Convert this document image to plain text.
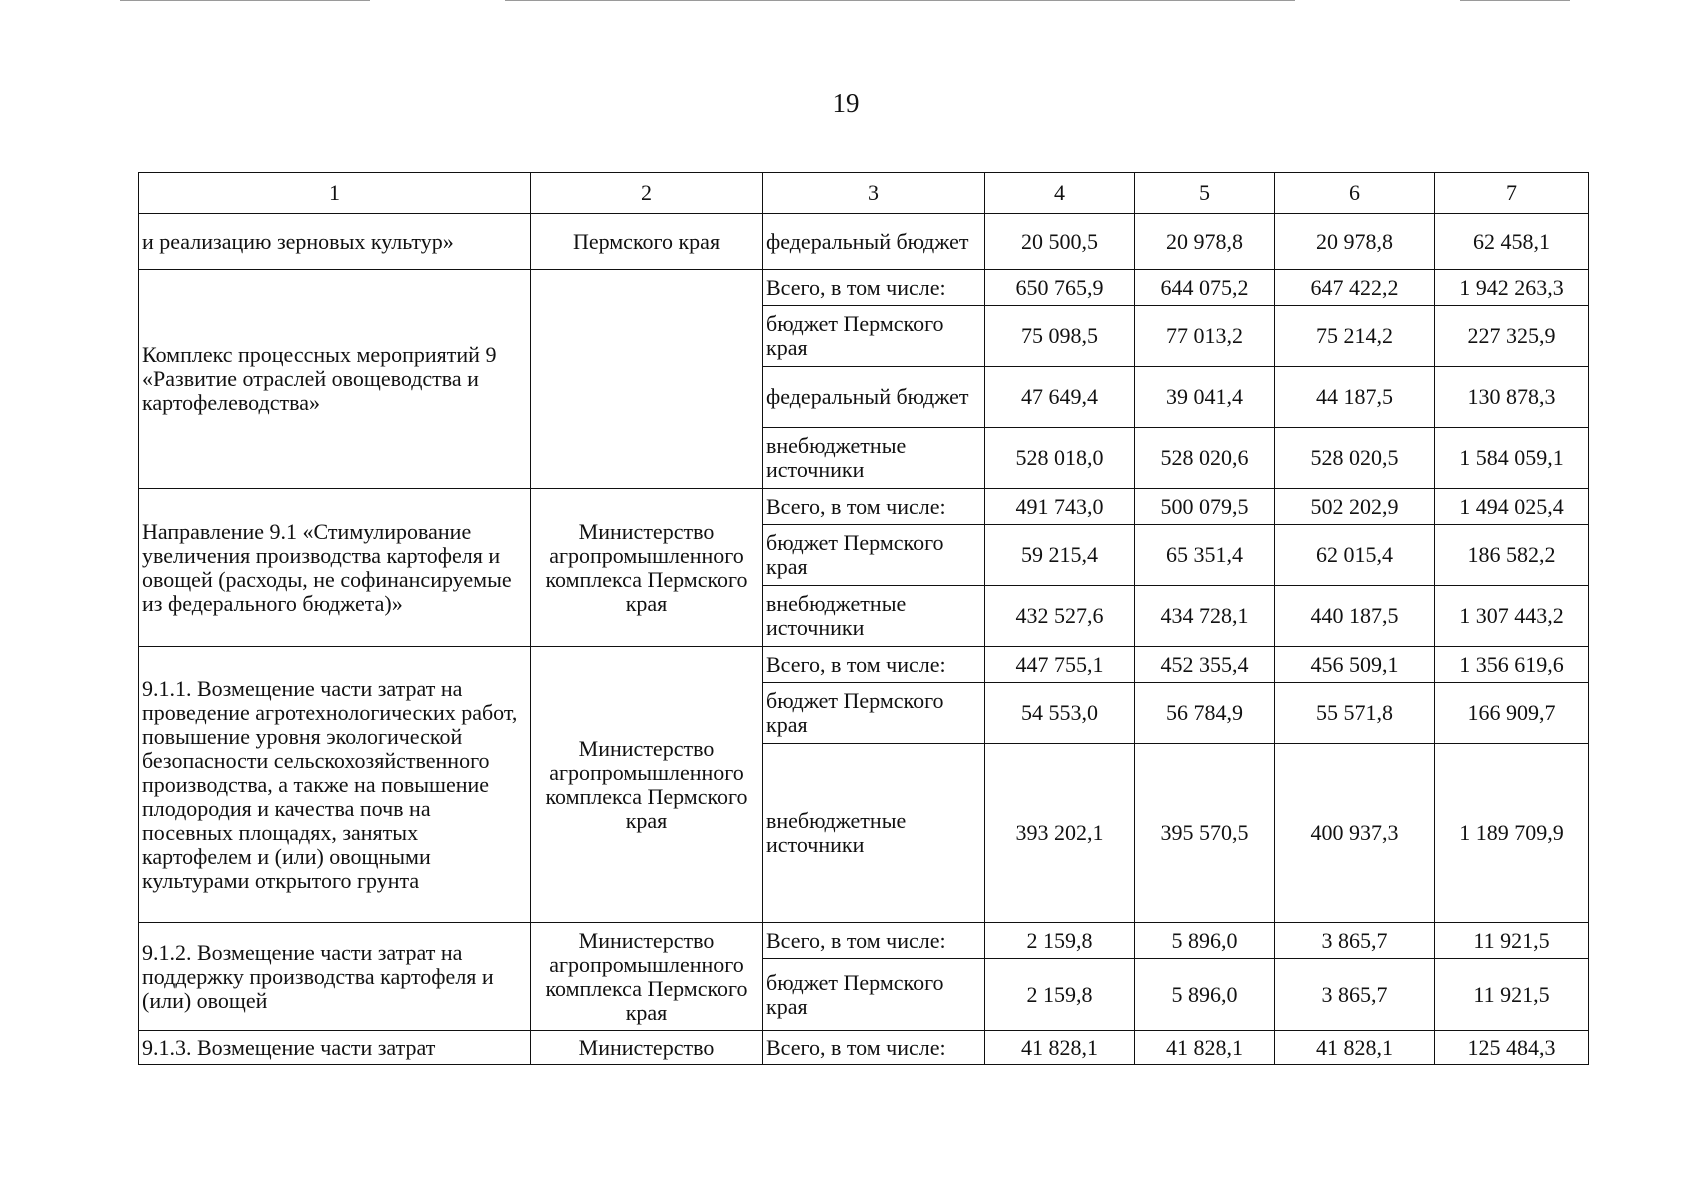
19
1	2	3	4	5	6	7
и реализацию зерновых культур»	Пермского края	федеральный бюджет	20 500,5	20 978,8	20 978,8	62 458,1
Комплекс процессных мероприятий 9 «Развитие отраслей овощеводства и картофелеводства»		Всего, в том числе:	650 765,9	644 075,2	647 422,2	1 942 263,3
		бюджет Пермского края	75 098,5	77 013,2	75 214,2	227 325,9
		федеральный бюджет	47 649,4	39 041,4	44 187,5	130 878,3
		внебюджетные источники	528 018,0	528 020,6	528 020,5	1 584 059,1
Направление 9.1 «Стимулирование увеличения производства картофеля и овощей (расходы, не софинансируемые из федерального бюджета)»	Министерство агропромышленного комплекса Пермского края	Всего, в том числе:	491 743,0	500 079,5	502 202,9	1 494 025,4
		бюджет Пермского края	59 215,4	65 351,4	62 015,4	186 582,2
		внебюджетные источники	432 527,6	434 728,1	440 187,5	1 307 443,2
9.1.1. Возмещение части затрат на проведение агротехнологических работ, повышение уровня экологической безопасности сельскохозяйственного производства, а также на повышение плодородия и качества почв на посевных площадях, занятых картофелем и (или) овощными культурами открытого грунта	Министерство агропромышленного комплекса Пермского края	Всего, в том числе:	447 755,1	452 355,4	456 509,1	1 356 619,6
		бюджет Пермского края	54 553,0	56 784,9	55 571,8	166 909,7
		внебюджетные источники	393 202,1	395 570,5	400 937,3	1 189 709,9
9.1.2. Возмещение части затрат на поддержку производства картофеля и (или) овощей	Министерство агропромышленного комплекса Пермского края	Всего, в том числе:	2 159,8	5 896,0	3 865,7	11 921,5
		бюджет Пермского края	2 159,8	5 896,0	3 865,7	11 921,5
9.1.3. Возмещение части затрат	Министерство	Всего, в том числе:	41 828,1	41 828,1	41 828,1	125 484,3
